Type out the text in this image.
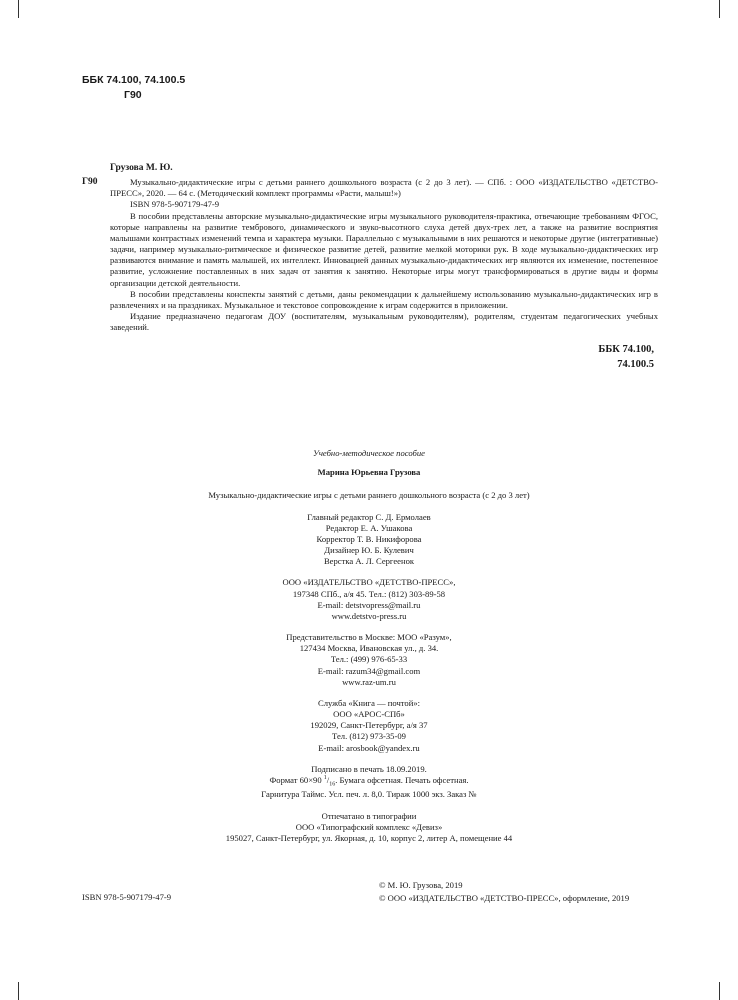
ББК 74.100, 74.100.5
Г90
Грузова М. Ю.
Г90	Музыкально-дидактические игры с детьми раннего дошкольного возраста (с 2 до 3 лет). — СПб. : ООО «ИЗДАТЕЛЬСТВО «ДЕТСТВО-ПРЕСС», 2020. — 64 с. (Методический комплект программы «Расти, малыш!»)

ISBN 978-5-907179-47-9

В пособии представлены авторские музыкально-дидактические игры музыкального руководителя-практика, отвечающие требованиям ФГОС, которые направлены на развитие тембрового, динамического и звуко-высотного слуха детей двух-трех лет, а также на развитие восприятия малышами контрастных изменений темпа и характера музыки. Параллельно с музыкальными в них решаются и некоторые другие (интегративные) задачи, например музыкально-ритмическое и физическое развитие детей, развитие мелкой моторики рук. В ходе музыкально-дидактических игр развиваются внимание и память малышей, их интеллект. Инновацией данных музыкально-дидактических игр являются их изменение, постепенное развитие, усложнение поставленных в них задач от занятия к занятию. Некоторые игры могут трансформироваться в другие виды и формы организации детской деятельности.

В пособии представлены конспекты занятий с детьми, даны рекомендации к дальнейшему использованию музыкально-дидактических игр в развлечениях и на праздниках. Музыкальное и текстовое сопровождение к играм содержится в приложении.

Издание предназначено педагогам ДОУ (воспитателям, музыкальным руководителям), родителям, студентам педагогических учебных заведений.

ББК 74.100,
74.100.5

Учебно-методическое пособие

Марина Юрьевна Грузова

Музыкально-дидактические игры с детьми раннего дошкольного возраста (с 2 до 3 лет)

Главный редактор С. Д. Ермолаев

Редактор Е. А. Ушакова

Корректор Т. В. Никифорова

Дизайнер Ю. Б. Кулевич

Верстка А. Л. Сергеенок

ООО «ИЗДАТЕЛЬСТВО «ДЕТСТВО-ПРЕСС»,

197348 СПб., а/я 45. Тел.: (812) 303-89-58

E-mail: detstvopress@mail.ru

www.detstvo-press.ru

Представительство в Москве: МОО «Разум»,

127434 Москва, Ивановская ул., д. 34.

Тел.: (499) 976-65-33

E-mail: razum34@gmail.com

www.raz-um.ru

Служба «Книга — почтой»:

ООО «АРОС-СПб»

192029, Санкт-Петербург, а/я 37

Тел. (812) 973-35-09

E-mail: arosbook@yandex.ru

Подписано в печать 18.09.2019.

Формат 60×90 $^1/_{16}$. Бумага офсетная. Печать офсетная.

Гарнитура Таймс. Усл. печ. л. 8,0. Тираж 1000 экз. Заказ №

Отпечатано в типографии

ООО «Типографский комплекс «Девиз»

195027, Санкт-Петербург, ул. Якорная, д. 10, корпус 2, литер А, помещение 44

ISBN 978-5-907179-47-9
© М. Ю. Грузова, 2019
© ООО «ИЗДАТЕЛЬСТВО «ДЕТСТВО-ПРЕСС», оформление, 2019
